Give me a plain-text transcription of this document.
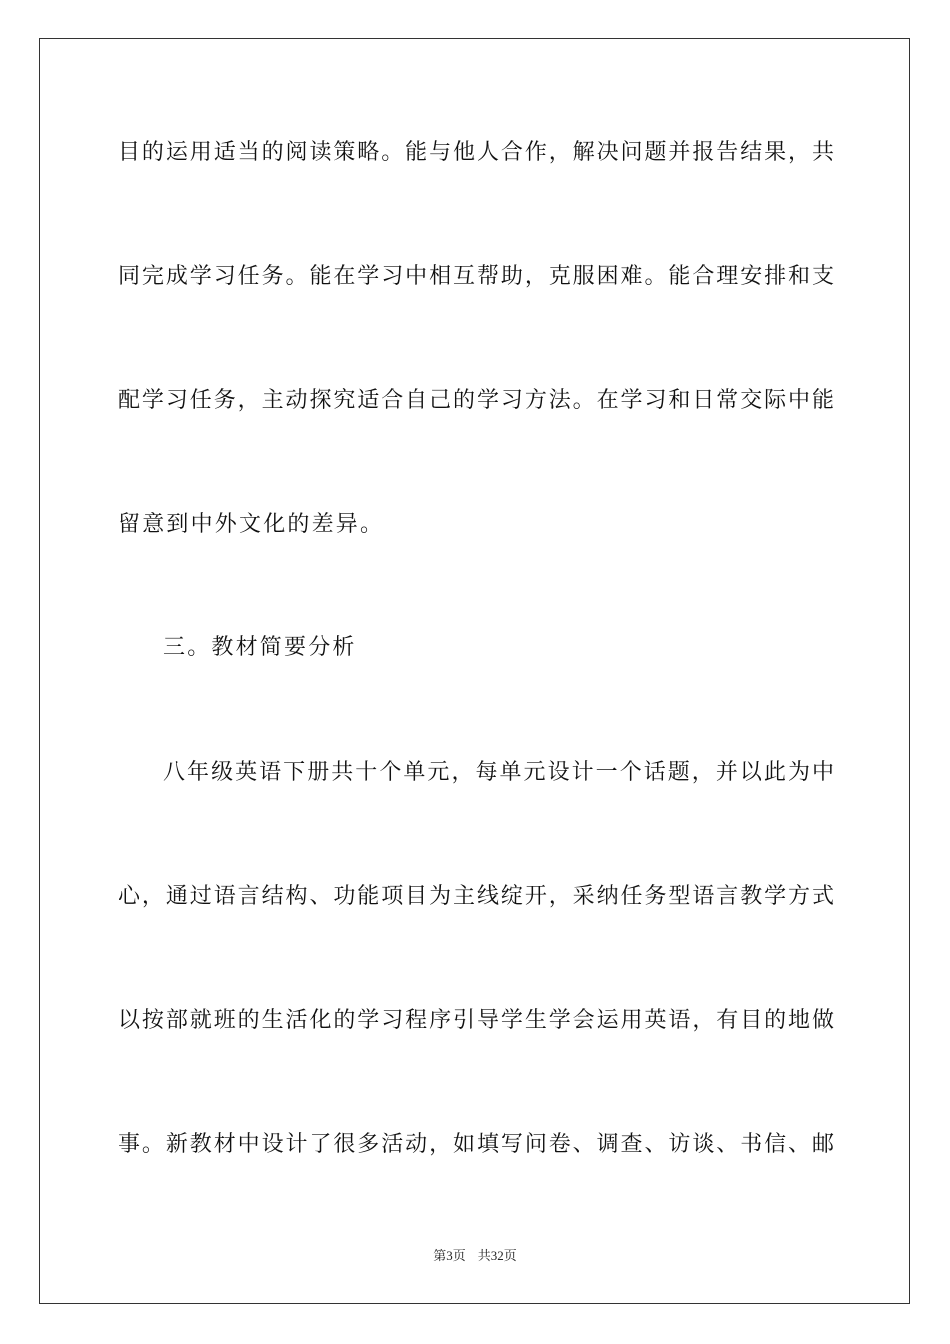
目的运用适当的阅读策略。能与他人合作，解决问题并报告结果，共
同完成学习任务。能在学习中相互帮助，克服困难。能合理安排和支
配学习任务，主动探究适合自己的学习方法。在学习和日常交际中能
留意到中外文化的差异。
三。教材简要分析
八年级英语下册共十个单元，每单元设计一个话题，并以此为中
心，通过语言结构、功能项目为主线绽开，采纳任务型语言教学方式
以按部就班的生活化的学习程序引导学生学会运用英语，有目的地做
事。新教材中设计了很多活动，如填写问卷、调查、访谈、书信、邮
第3页 共32页
